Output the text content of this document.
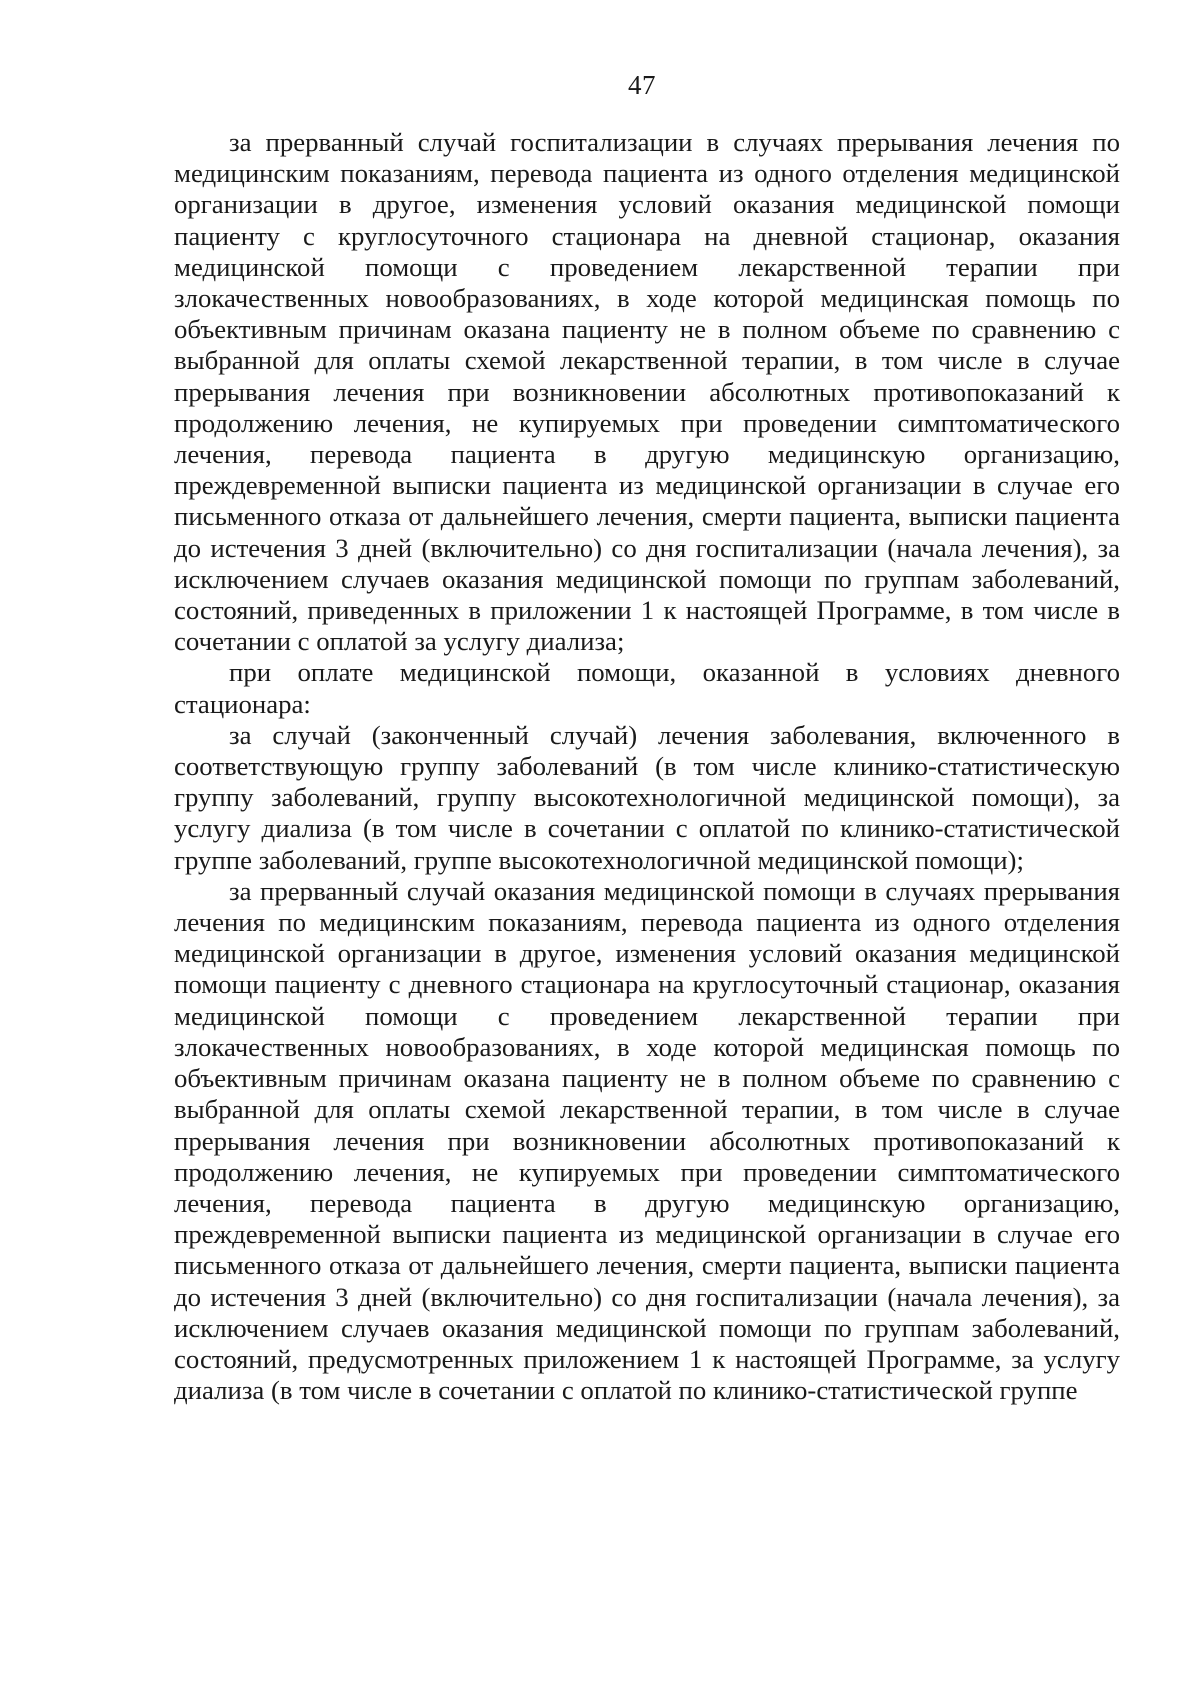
47

за прерванный случай госпитализации в случаях прерывания лечения по медицинским показаниям, перевода пациента из одного отделения медицинской организации в другое, изменения условий оказания медицинской помощи пациенту с круглосуточного стационара на дневной стационар, оказания медицинской помощи с проведением лекарственной терапии при злокачественных новообразованиях, в ходе которой медицинская помощь по объективным причинам оказана пациенту не в полном объеме по сравнению с выбранной для оплаты схемой лекарственной терапии, в том числе в случае прерывания лечения при возникновении абсолютных противопоказаний к продолжению лечения, не купируемых при проведении симптоматического лечения, перевода пациента в другую медицинскую организацию, преждевременной выписки пациента из медицинской организации в случае его письменного отказа от дальнейшего лечения, смерти пациента, выписки пациента до истечения 3 дней (включительно) со дня госпитализации (начала лечения), за исключением случаев оказания медицинской помощи по группам заболеваний, состояний, приведенных в приложении 1 к настоящей Программе, в том числе в сочетании с оплатой за услугу диализа;

при оплате медицинской помощи, оказанной в условиях дневного стационара:

за случай (законченный случай) лечения заболевания, включенного в соответствующую группу заболеваний (в том числе клинико-статистическую группу заболеваний, группу высокотехнологичной медицинской помощи), за услугу диализа (в том числе в сочетании с оплатой по клинико-статистической группе заболеваний, группе высокотехнологичной медицинской помощи);

за прерванный случай оказания медицинской помощи в случаях прерывания лечения по медицинским показаниям, перевода пациента из одного отделения медицинской организации в другое, изменения условий оказания медицинской помощи пациенту с дневного стационара на круглосуточный стационар, оказания медицинской помощи с проведением лекарственной терапии при злокачественных новообразованиях, в ходе которой медицинская помощь по объективным причинам оказана пациенту не в полном объеме по сравнению с выбранной для оплаты схемой лекарственной терапии, в том числе в случае прерывания лечения при возникновении абсолютных противопоказаний к продолжению лечения, не купируемых при проведении симптоматического лечения, перевода пациента в другую медицинскую организацию, преждевременной выписки пациента из медицинской организации в случае его письменного отказа от дальнейшего лечения, смерти пациента, выписки пациента до истечения 3 дней (включительно) со дня госпитализации (начала лечения), за исключением случаев оказания медицинской помощи по группам заболеваний, состояний, предусмотренных приложением 1 к настоящей Программе, за услугу диализа (в том числе в сочетании с оплатой по клинико-статистической группе
